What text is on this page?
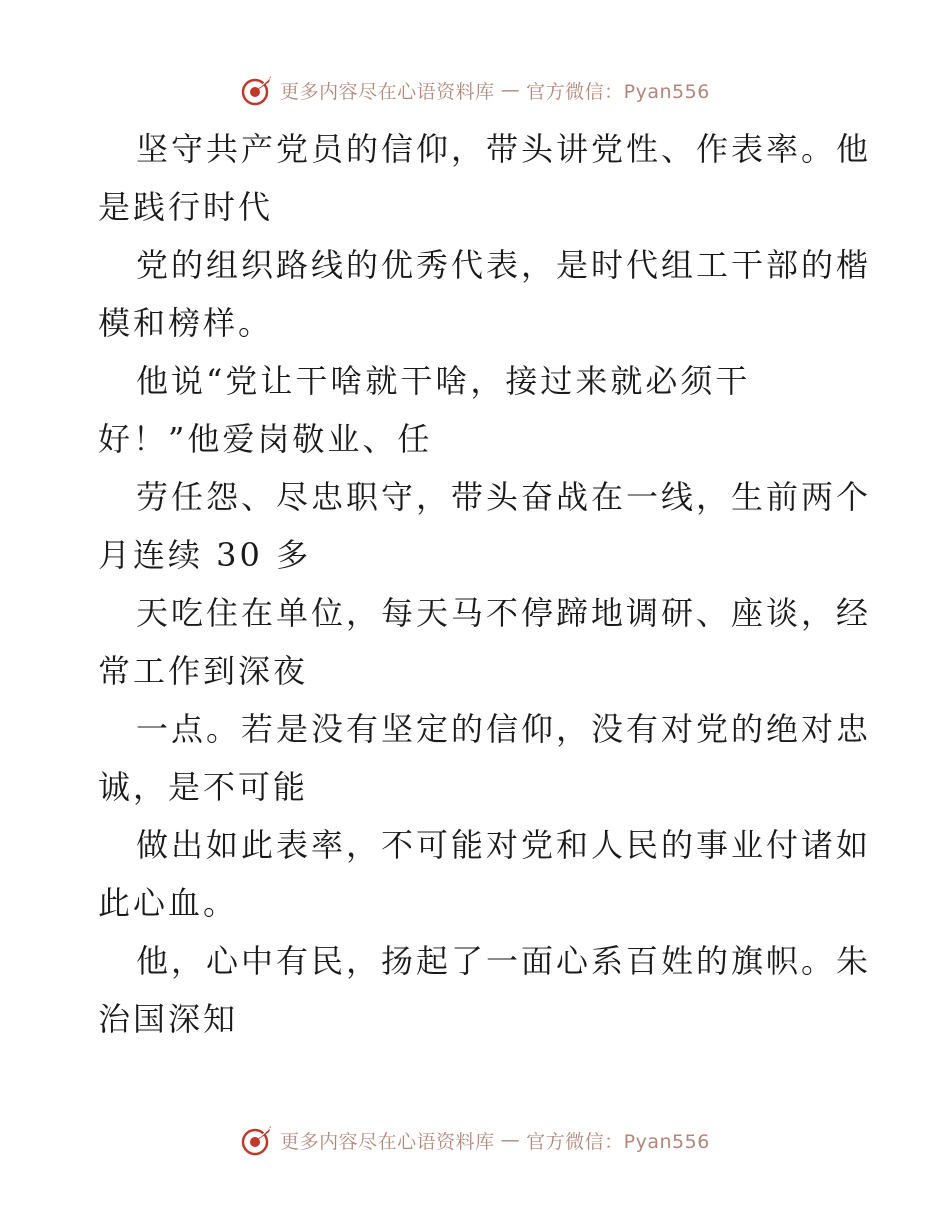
更多内容尽在心语资料库 — 官方微信：Pyan556
坚守共产党员的信仰，带头讲党性、作表率。他
是践行时代
党的组织路线的优秀代表，是时代组工干部的楷
模和榜样。
他说“党让干啥就干啥，接过来就必须干
好！”他爱岗敬业、任
劳任怨、尽忠职守，带头奋战在一线，生前两个
月连续 30 多
天吃住在单位，每天马不停蹄地调研、座谈，经
常工作到深夜
一点。若是没有坚定的信仰，没有对党的绝对忠
诚，是不可能
做出如此表率，不可能对党和人民的事业付诸如
此心血。
他，心中有民，扬起了一面心系百姓的旗帜。朱
治国深知
更多内容尽在心语资料库 — 官方微信：Pyan556
